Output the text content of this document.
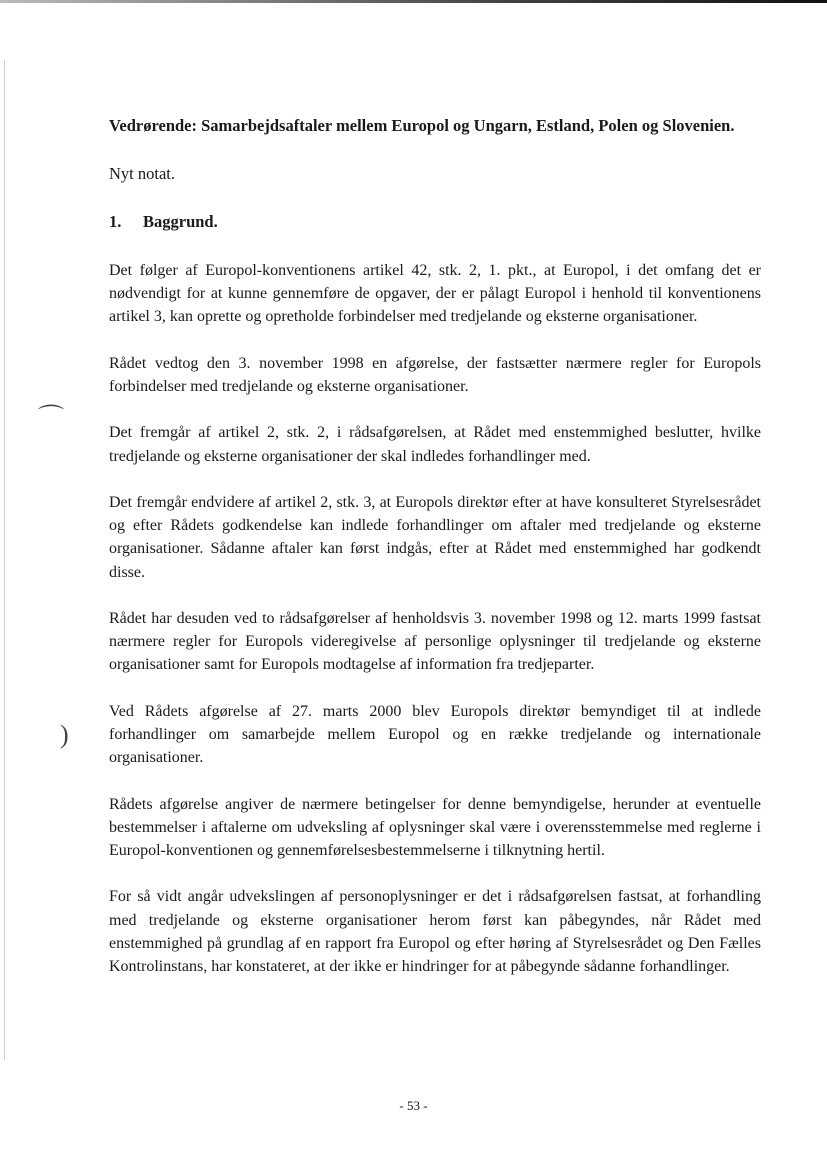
⌒
)
Vedrørende: Samarbejdsaftaler mellem Europol og Ungarn, Estland, Polen og Slovenien.
Nyt notat.
1. Baggrund.

Det følger af Europol-konventionens artikel 42, stk. 2, 1. pkt., at Europol, i det omfang det er nødvendigt for at kunne gennemføre de opgaver, der er pålagt Europol i henhold til konventionens artikel 3, kan oprette og opretholde forbindelser med tredjelande og eksterne organisationer.

Rådet vedtog den 3. november 1998 en afgørelse, der fastsætter nærmere regler for Europols forbindelser med tredjelande og eksterne organisationer.

Det fremgår af artikel 2, stk. 2, i rådsafgørelsen, at Rådet med enstemmighed beslutter, hvilke tredjelande og eksterne organisationer der skal indledes forhandlinger med.

Det fremgår endvidere af artikel 2, stk. 3, at Europols direktør efter at have konsulteret Styrelsesrådet og efter Rådets godkendelse kan indlede forhandlinger om aftaler med tredjelande og eksterne organisationer. Sådanne aftaler kan først indgås, efter at Rådet med enstemmighed har godkendt disse.

Rådet har desuden ved to rådsafgørelser af henholdsvis 3. november 1998 og 12. marts 1999 fastsat nærmere regler for Europols videregivelse af personlige oplysninger til tredjelande og eksterne organisationer samt for Europols modtagelse af information fra tredjeparter.

Ved Rådets afgørelse af 27. marts 2000 blev Europols direktør bemyndiget til at indlede forhandlinger om samarbejde mellem Europol og en række tredjelande og internationale organisationer.

Rådets afgørelse angiver de nærmere betingelser for denne bemyndigelse, herunder at eventuelle bestemmelser i aftalerne om udveksling af oplysninger skal være i overensstemmelse med reglerne i Europol-konventionen og gennemførelsesbestemmelserne i tilknytning hertil.

For så vidt angår udvekslingen af personoplysninger er det i rådsafgørelsen fastsat, at forhandling med tredjelande og eksterne organisationer herom først kan påbegyndes, når Rådet med enstemmighed på grundlag af en rapport fra Europol og efter høring af Styrelsesrådet og Den Fælles Kontrolinstans, har konstateret, at der ikke er hindringer for at påbegynde sådanne forhandlinger.

- 53 -
